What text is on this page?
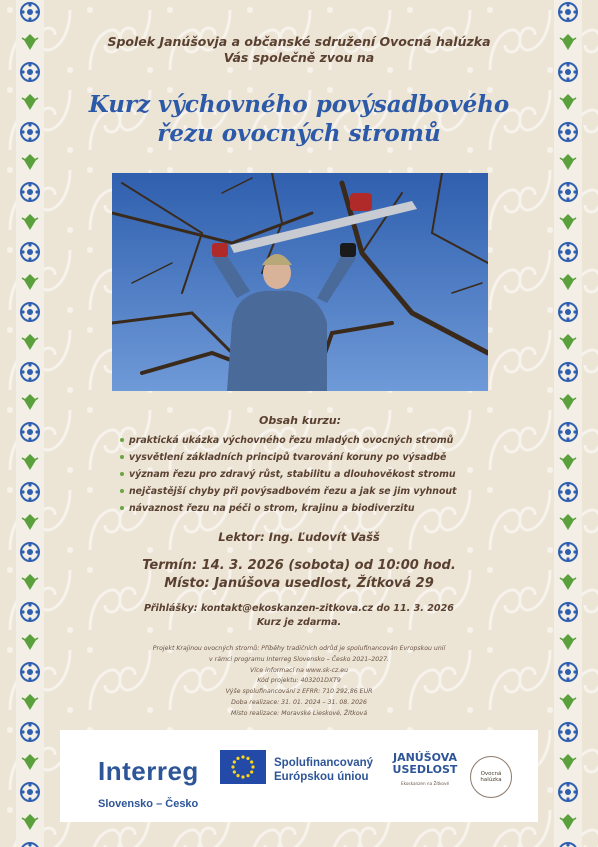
Spolek Janúšovja a občanské sdružení Ovocná halúzka
Vás společně zvou na
Kurz výchovného povýsadbového
řezu ovocných stromů
Obsah kurzu:
praktická ukázka výchovného řezu mladých ovocných stromů
vysvětlení základních principů tvarování koruny po výsadbě
význam řezu pro zdravý růst, stabilitu a dlouhověkost stromu
nejčastější chyby při povýsadbovém řezu a jak se jim vyhnout
návaznost řezu na péči o strom, krajinu a biodiverzitu
Lektor: Ing. Ľudovít Vašš
Termín: 14. 3. 2026 (sobota) od 10:00 hod.
Místo: Janúšova usedlost, Žítková 29
Přihlášky: kontakt@ekoskanzen-zitkova.cz do 11. 3. 2026
Kurz je zdarma.
Projekt Krajinou ovocných stromů: Příběhy tradičních odrůd je spolufinancován Evropskou unií
v rámci programu Interreg Slovensko – Česko 2021–2027.
Více informací na www.sk-cz.eu
Kód projektu: 403201DXT9
Výše spolufinancování z EFRR: 710 292,86 EUR
Doba realizace: 31. 01. 2024 – 31. 08. 2026
Místo realizace: Moravské Lieskové, Žítková
Interreg
Slovensko – Česko
Spolufinancovaný
Európskou úniou
JANÚŠOVA
USEDLOST
Ekoskanzen na Žítkové
Ovocná
halúzka
